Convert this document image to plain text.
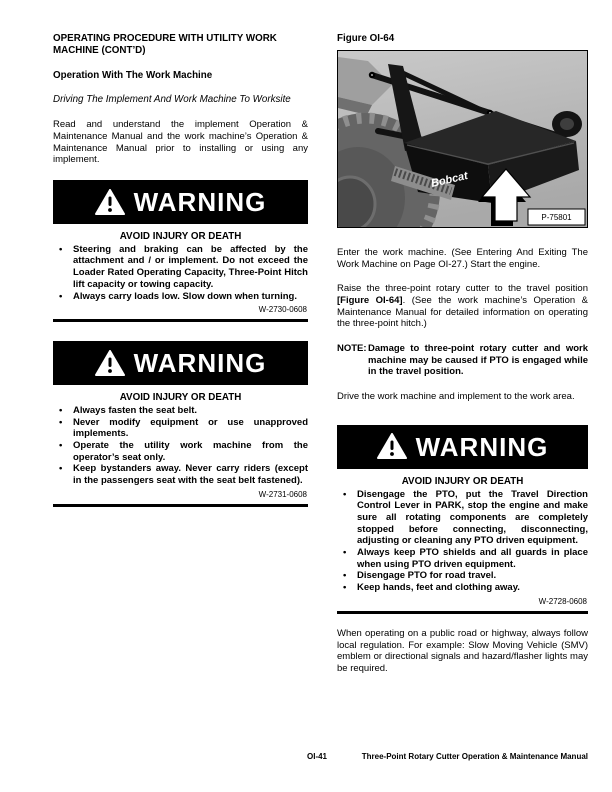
OPERATING PROCEDURE WITH UTILITY WORK MACHINE (CONT’D)
Operation With The Work Machine
Driving The Implement And Work Machine To Worksite
Read and understand the implement Operation & Maintenance Manual and the work machine’s Operation & Maintenance Manual prior to installing or using any implement.
WARNING
AVOID INJURY OR DEATH
•	Steering and braking can be affected by the attachment and / or implement. Do not exceed the Loader Rated Operating Capacity, Three-Point Hitch lift capacity or towing capacity.
•	Always carry loads low. Slow down when turning.
W-2730-0608
WARNING
AVOID INJURY OR DEATH
•	Always fasten the seat belt.
•	Never modify equipment or use unapproved implements.
•	Operate the utility work machine from the operator’s seat only.
•	Keep bystanders away. Never carry riders (except in the passengers seat with the seat belt fastened).
W-2731-0608
Figure OI-64
Bobcat
P-75801
Enter the work machine. (See Entering And Exiting The Work Machine on Page OI-27.) Start the engine.
Raise the three-point rotary cutter to the travel position [Figure OI-64]. (See the work machine’s Operation & Maintenance Manual for detailed information on operating the three-point hitch.)
NOTE: Damage to three-point rotary cutter and work machine may be caused if PTO is engaged while in the travel position.
Drive the work machine and implement to the work area.
WARNING
AVOID INJURY OR DEATH
•	Disengage the PTO, put the Travel Direction Control Lever in PARK, stop the engine and make sure all rotating components are completely stopped before connecting, disconnecting, adjusting or cleaning any PTO driven equipment.
•	Always keep PTO shields and all guards in place when using PTO driven equipment.
•	Disengage PTO for road travel.
•	Keep hands, feet and clothing away.
W-2728-0608
When operating on a public road or highway, always follow local regulation. For example: Slow Moving Vehicle (SMV) emblem or directional signals and hazard/flasher lights may be required.
OI-41	Three-Point Rotary Cutter Operation & Maintenance Manual
